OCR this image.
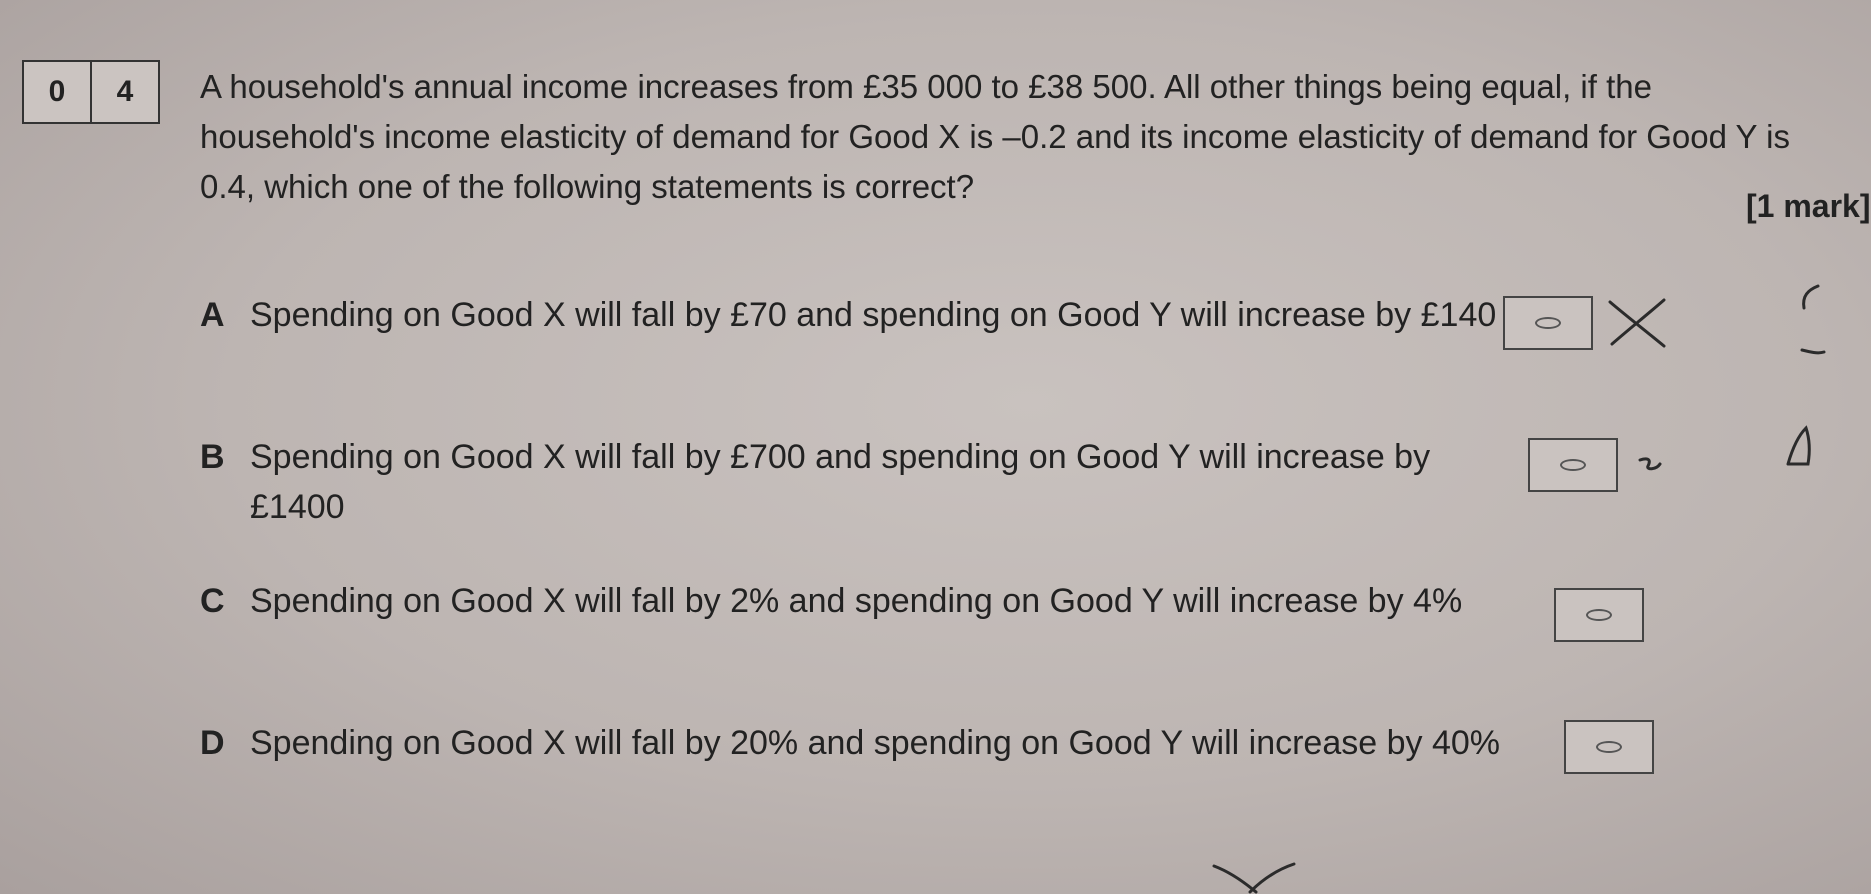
0	4	A household's annual income increases from £35 000 to £38 500. All other things being equal, if the household's income elasticity of demand for Good X is –0.2 and its income elasticity of demand for Good Y is 0.4, which one of the following statements is correct?

[1 mark]
A Spending on Good X will fall by £70 and spending on Good Y will increase by £140
B Spending on Good X will fall by £700 and spending on Good Y will increase by £1400
C Spending on Good X will fall by 2% and spending on Good Y will increase by 4%
D Spending on Good X will fall by 20% and spending on Good Y will increase by 40%
